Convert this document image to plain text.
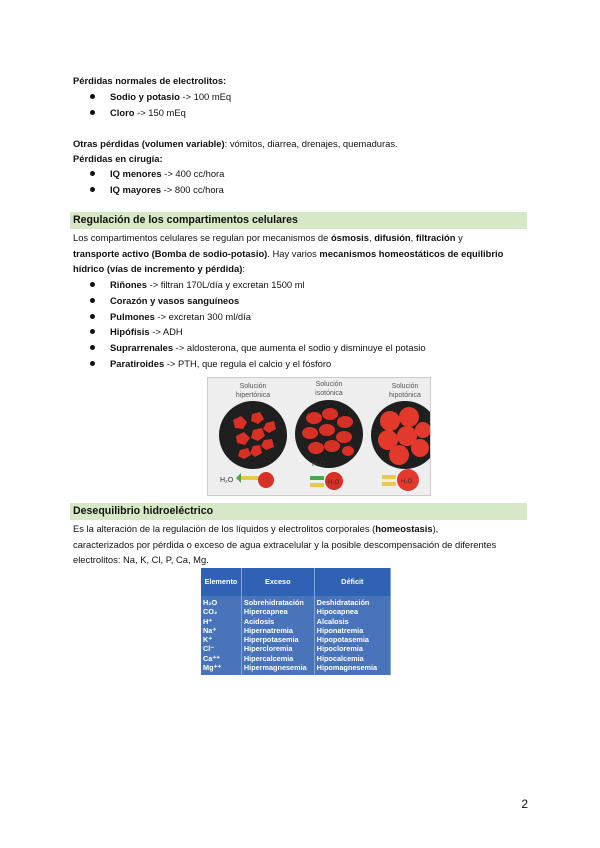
Pérdidas normales de electrolitos:
Sodio y potasio -> 100 mEq
Cloro -> 150 mEq
Otras pérdidas (volumen variable): vómitos, diarrea, drenajes, quemaduras.
Pérdidas en cirugía:
IQ menores -> 400 cc/hora
IQ mayores -> 800 cc/hora
Regulación de los compartimentos celulares
Los compartimentos celulares se regulan por mecanismos de ósmosis, difusión, filtración y
transporte activo (Bomba de sodio-potasio). Hay varios mecanismos homeostáticos de equilibrio
hídrico (vías de incremento y pérdida):
Riñones -> filtran 170L/día y excretan 1500 ml
Corazón y vasos sanguíneos
Pulmones -> excretan 300 ml/día
Hipófisis -> ADH
Suprarrenales -> aldosterona, que aumenta el sodio y disminuye el potasio
Paratiroides -> PTH, que regula el calcio y el fósforo
Solución
hipertónica
Solución
isotónica
Solución
hipotónica
H₂O
H₂O
H₂O	H₂O
Desequilibrio hidroeléctrico
Es la alteración de la regulación de los líquidos y electrolitos corporales (homeostasis),
caracterizados por pérdida o exceso de agua extracelular y la posible descompensación de diferentes
electrolitos: Na, K, Cl, P, Ca, Mg.
Elemento	Exceso	Déficit
H₂O	Sobrehidratación	Deshidratación
CO₂	Hipercapnea	Hipocapnea
H⁺	Acidosis	Alcalosis
Na⁺	Hipernatremia	Hiponatremia
K⁺	Hiperpotasemia	Hipopotasemia
Cl⁻	Hipercloremia	Hipocloremia
Ca⁺⁺	Hipercalcemia	Hipocalcemia
Mg⁺⁺	Hipermagnesemia	Hipomagnesemia
2
